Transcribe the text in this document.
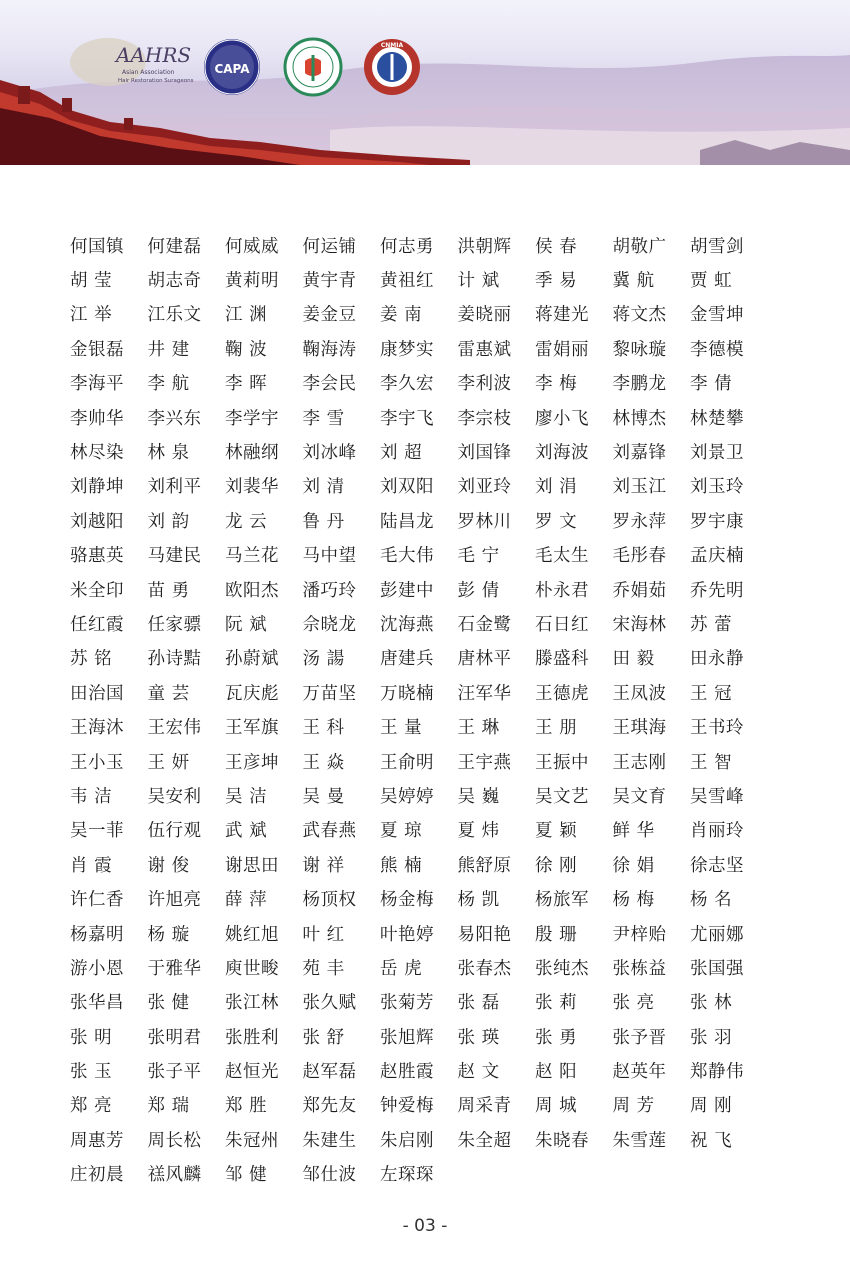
AAHRS
Asian Association
Hair Restoration Surageons
CAPA
CNMIA
何国镇	何建磊	何威威	何运铺	何志勇	洪朝辉	侯 春	胡敬广	胡雪剑
胡 莹	胡志奇	黄莉明	黄宇青	黄祖红	计 斌	季 易	冀 航	贾 虹
江 举	江乐文	江 渊	姜金豆	姜 南	姜晓丽	蒋建光	蒋文杰	金雪坤
金银磊	井 建	鞠 波	鞠海涛	康梦实	雷惠斌	雷娟丽	黎咏璇	李德模
李海平	李 航	李 晖	李会民	李久宏	李利波	李 梅	李鹏龙	李 倩
李帅华	李兴东	李学宇	李 雪	李宇飞	李宗枝	廖小飞	林博杰	林楚攀
林尽染	林 泉	林融纲	刘冰峰	刘 超	刘国锋	刘海波	刘嘉锋	刘景卫
刘静坤	刘利平	刘裴华	刘 清	刘双阳	刘亚玲	刘 涓	刘玉江	刘玉玲
刘越阳	刘 韵	龙 云	鲁 丹	陆昌龙	罗林川	罗 文	罗永萍	罗宇康
骆惠英	马建民	马兰花	马中望	毛大伟	毛 宁	毛太生	毛彤春	孟庆楠
米全印	苗 勇	欧阳杰	潘巧玲	彭建中	彭 倩	朴永君	乔娟茹	乔先明
任红霞	任家骠	阮 斌	佘晓龙	沈海燕	石金鹭	石日红	宋海林	苏 蕾
苏 铭	孙诗黠	孙蔚斌	汤 諹	唐建兵	唐林平	滕盛科	田 毅	田永静
田治国	童 芸	瓦庆彪	万苗坚	万晓楠	汪军华	王德虎	王凤波	王 冠
王海沐	王宏伟	王军旗	王 科	王 量	王 琳	王 朋	王琪海	王书玲
王小玉	王 妍	王彦坤	王 焱	王俞明	王宇燕	王振中	王志刚	王 智
韦 洁	吴安利	吴 洁	吴 曼	吴婷婷	吴 巍	吴文艺	吴文育	吴雪峰
吴一菲	伍行观	武 斌	武春燕	夏 琼	夏 炜	夏 颖	鲜 华	肖丽玲
肖 霞	谢 俊	谢思田	谢 祥	熊 楠	熊舒原	徐 刚	徐 娟	徐志坚
许仁香	许旭亮	薛 萍	杨顶权	杨金梅	杨 凯	杨旅军	杨 梅	杨 名
杨嘉明	杨 璇	姚红旭	叶 红	叶艳婷	易阳艳	殷 珊	尹梓贻	尤丽娜
游小恩	于雅华	庾世畯	苑 丰	岳 虎	张春杰	张纯杰	张栋益	张国强
张华昌	张 健	张江林	张久赋	张菊芳	张 磊	张 莉	张 亮	张 林
张 明	张明君	张胜利	张 舒	张旭辉	张 瑛	张 勇	张予晋	张 羽
张 玉	张子平	赵恒光	赵军磊	赵胜霞	赵 文	赵 阳	赵英年	郑静伟
郑 亮	郑 瑞	郑 胜	郑先友	钟爱梅	周采青	周 城	周 芳	周 刚
周惠芳	周长松	朱冠州	朱建生	朱启刚	朱全超	朱晓春	朱雪莲	祝 飞
庄初晨	禚风麟	邹 健	邹仕波	左琛琛
- 03 -
